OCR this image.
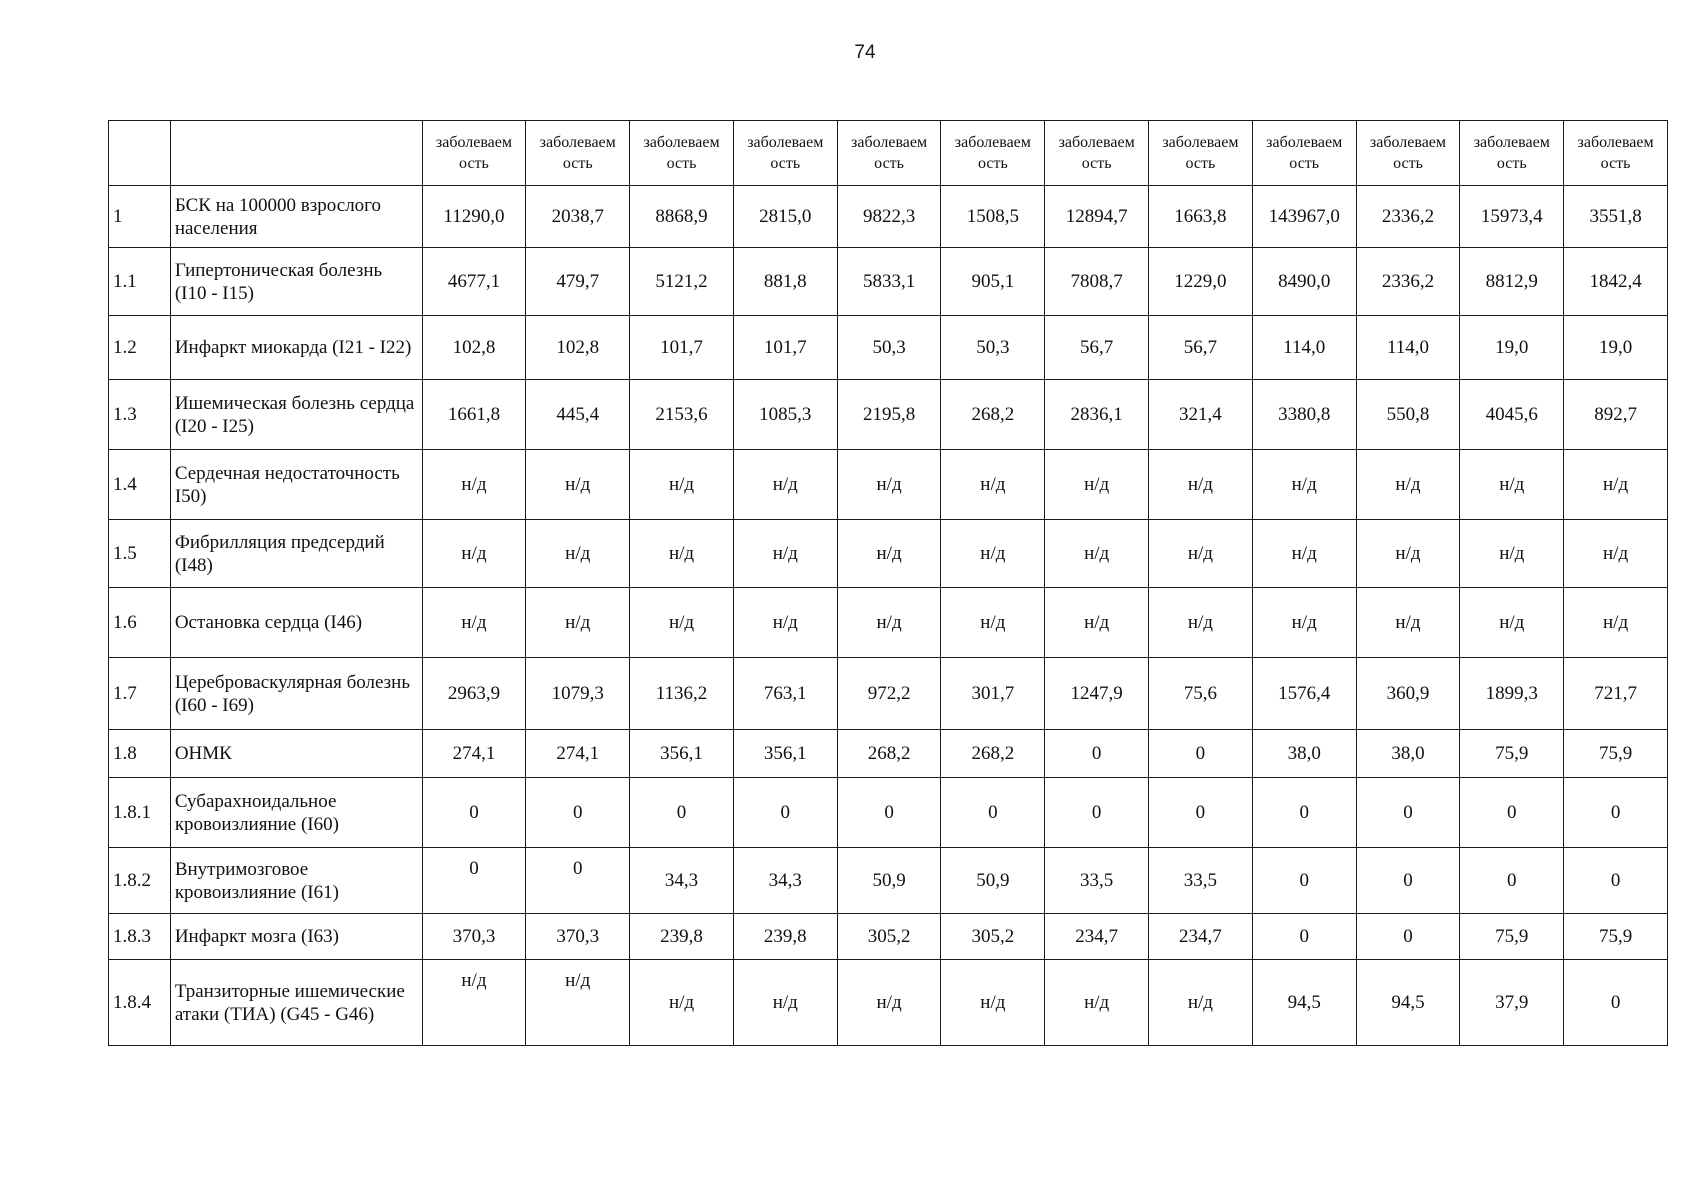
74
		заболеваем ость	заболеваем ость	заболеваем ость	заболеваем ость	заболеваем ость	заболеваем ость	заболеваем ость	заболеваем ость	заболеваем ость	заболеваем ость	заболеваем ость	заболеваем ость
1	БСК на 100000 взрослого населения	11290,0	2038,7	8868,9	2815,0	9822,3	1508,5	12894,7	1663,8	143967,0	2336,2	15973,4	3551,8
1.1	Гипертоническая болезнь (I10 - I15)	4677,1	479,7	5121,2	881,8	5833,1	905,1	7808,7	1229,0	8490,0	2336,2	8812,9	1842,4
1.2	Инфаркт миокарда (I21 - I22)	102,8	102,8	101,7	101,7	50,3	50,3	56,7	56,7	114,0	114,0	19,0	19,0
1.3	Ишемическая болезнь сердца (I20 - I25)	1661,8	445,4	2153,6	1085,3	2195,8	268,2	2836,1	321,4	3380,8	550,8	4045,6	892,7
1.4	Сердечная недостаточность I50)	н/д	н/д	н/д	н/д	н/д	н/д	н/д	н/д	н/д	н/д	н/д	н/д
1.5	Фибрилляция предсердий (I48)	н/д	н/д	н/д	н/д	н/д	н/д	н/д	н/д	н/д	н/д	н/д	н/д
1.6	Остановка сердца (I46)	н/д	н/д	н/д	н/д	н/д	н/д	н/д	н/д	н/д	н/д	н/д	н/д
1.7	Цереброваскулярная болезнь (I60 - I69)	2963,9	1079,3	1136,2	763,1	972,2	301,7	1247,9	75,6	1576,4	360,9	1899,3	721,7
1.8	ОНМК	274,1	274,1	356,1	356,1	268,2	268,2	0	0	38,0	38,0	75,9	75,9
1.8.1	Субарахноидальное кровоизлияние (I60)	0	0	0	0	0	0	0	0	0	0	0	0
1.8.2	Внутримозговое кровоизлияние (I61)	0	0	34,3	34,3	50,9	50,9	33,5	33,5	0	0	0	0
1.8.3	Инфаркт мозга (I63)	370,3	370,3	239,8	239,8	305,2	305,2	234,7	234,7	0	0	75,9	75,9
1.8.4	Транзиторные ишемические атаки (ТИА) (G45 - G46)	н/д	н/д	н/д	н/д	н/д	н/д	н/д	н/д	94,5	94,5	37,9	0
